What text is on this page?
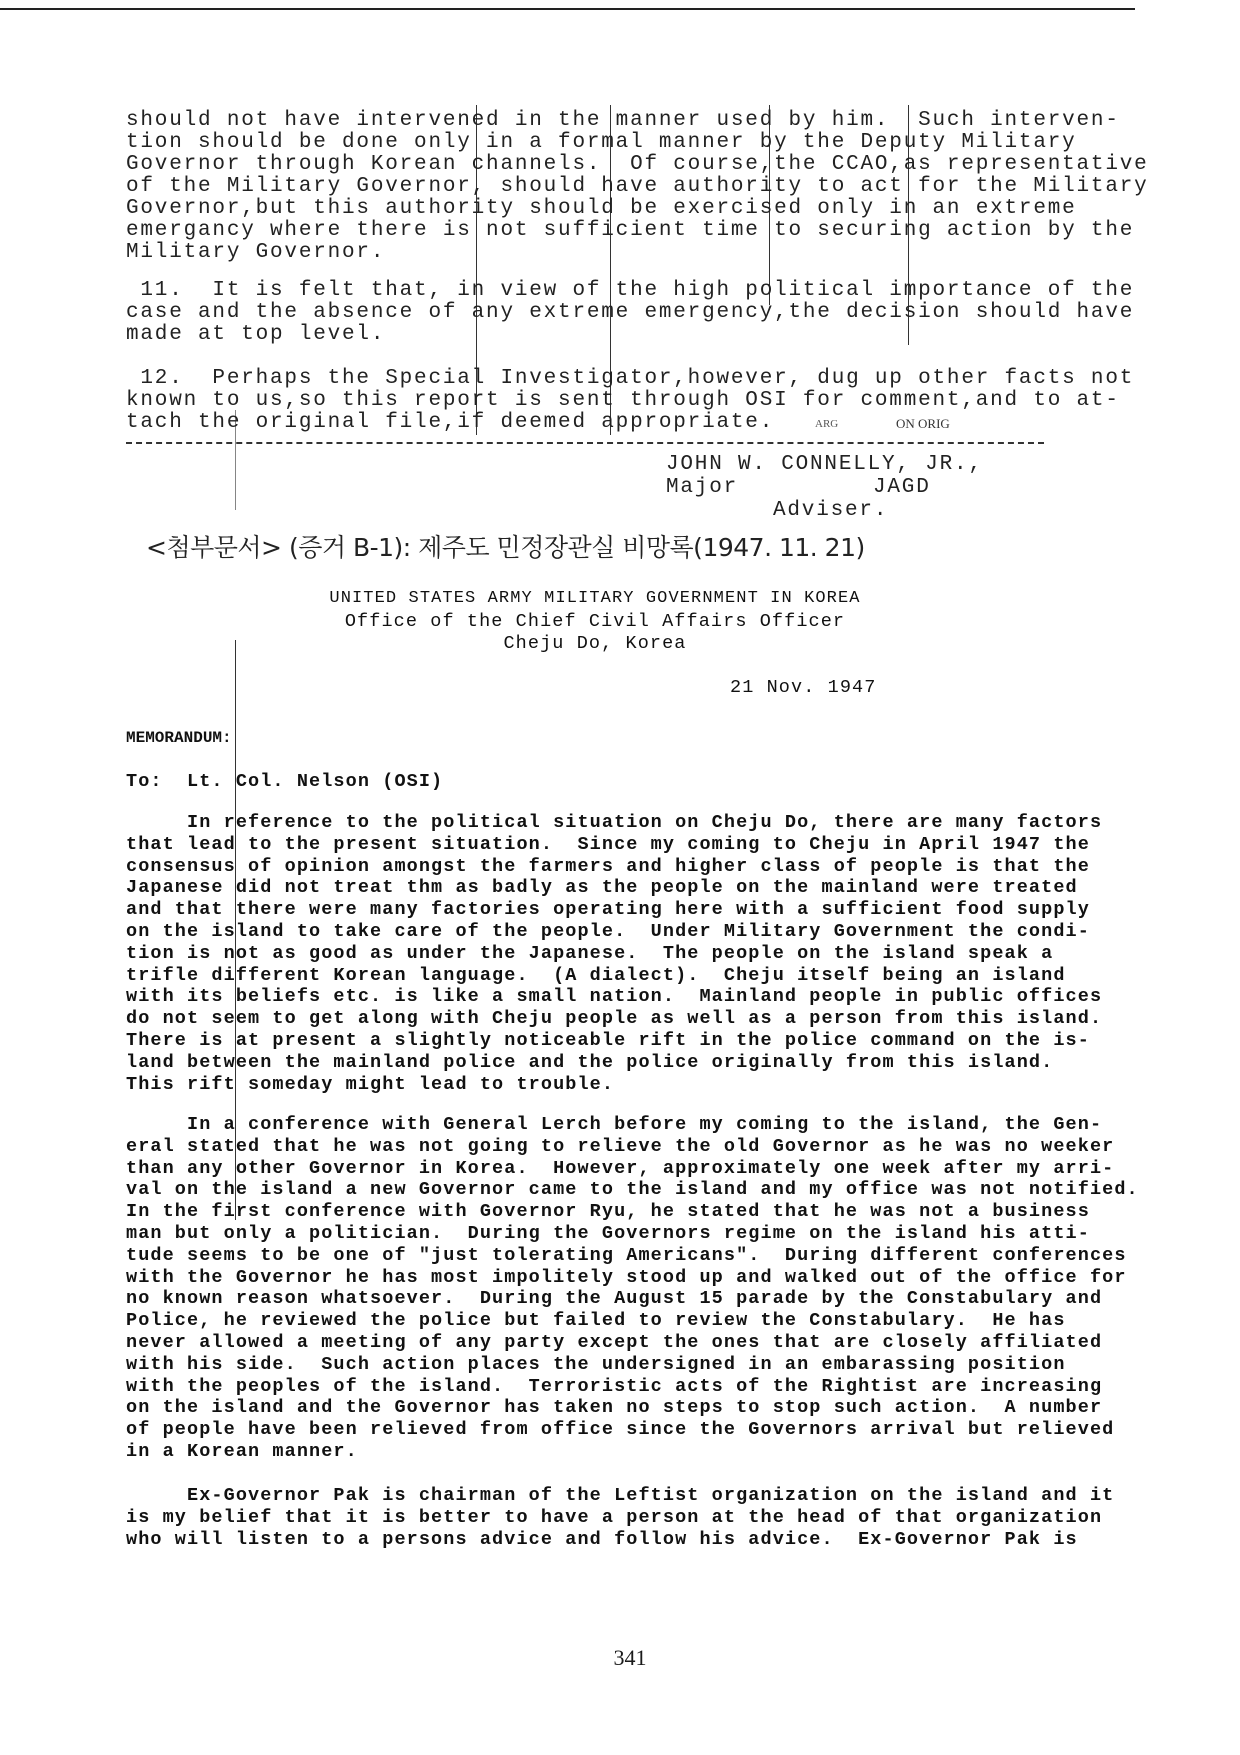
should not have intervened in the manner used by him.  Such interven-
tion should be done only in a formal manner by the Deputy Military
Governor through Korean channels.  Of course,the CCAO,as representative
of the Military Governor, should have authority to act for the Military
Governor,but this authority should be exercised only in an extreme
emergancy where there is not sufficient time to securing action by the
Military Governor.
11.  It is felt that, in view of the high political importance of the
case and the absence of any extreme emergency,the decision should have
made at top level.
12.  Perhaps the Special Investigator,however, dug up other facts not
known to us,so this report is sent through OSI for comment,and to at-
tach the original file,if deemed appropriate.	ARG	ON ORIG
JOHN W. CONNELLY, JR.,
Major	JAGD
Adviser.
<첨부문서> (증거 B-1): 제주도 민정장관실 비망록(1947. 11. 21)
UNITED STATES ARMY MILITARY GOVERNMENT IN KOREA
Office of the Chief Civil Affairs Officer
Cheju Do, Korea
21 Nov. 1947
MEMORANDUM:
To:  Lt. Col. Nelson (OSI)
In reference to the political situation on Cheju Do, there are many factors
that lead to the present situation.  Since my coming to Cheju in April 1947 the
consensus of opinion amongst the farmers and higher class of people is that the
Japanese did not treat thm as badly as the people on the mainland were treated
and that there were many factories operating here with a sufficient food supply
on the island to take care of the people.  Under Military Government the condi-
tion is not as good as under the Japanese.  The people on the island speak a
trifle different Korean language.  (A dialect).  Cheju itself being an island
with its beliefs etc. is like a small nation.  Mainland people in public offices
do not seem to get along with Cheju people as well as a person from this island.
There is at present a slightly noticeable rift in the police command on the is-
land between the mainland police and the police originally from this island.
This rift someday might lead to trouble.
In a conference with General Lerch before my coming to the island, the Gen-
eral stated that he was not going to relieve the old Governor as he was no weeker
than any other Governor in Korea.  However, approximately one week after my arri-
val on the island a new Governor came to the island and my office was not notified.
In the first conference with Governor Ryu, he stated that he was not a business
man but only a politician.  During the Governors regime on the island his atti-
tude seems to be one of "just tolerating Americans".  During different conferences
with the Governor he has most impolitely stood up and walked out of the office for
no known reason whatsoever.  During the August 15 parade by the Constabulary and
Police, he reviewed the police but failed to review the Constabulary.  He has
never allowed a meeting of any party except the ones that are closely affiliated
with his side.  Such action places the undersigned in an embarassing position
with the peoples of the island.  Terroristic acts of the Rightist are increasing
on the island and the Governor has taken no steps to stop such action.  A number
of people have been relieved from office since the Governors arrival but relieved
in a Korean manner.
Ex-Governor Pak is chairman of the Leftist organization on the island and it
is my belief that it is better to have a person at the head of that organization
who will listen to a persons advice and follow his advice.  Ex-Governor Pak is
341
